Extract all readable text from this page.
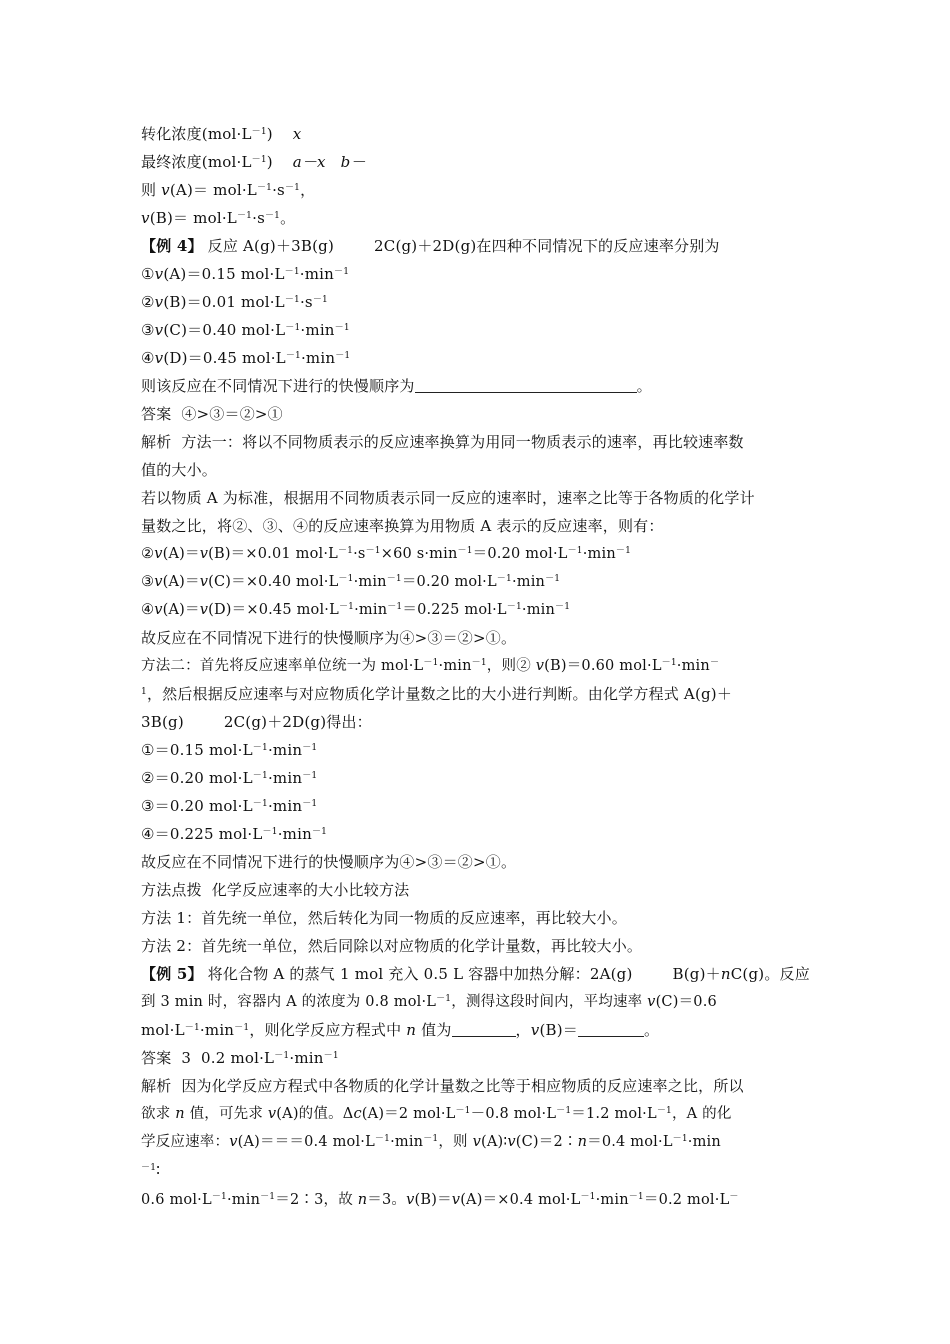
转化浓度$(mol\cdot L^{-1})$    x
最终浓度$(mol\cdot L^{-1})$    a－x b－
则 $v(A)= mol\cdot L^{-1}\cdot s^{-1}$，
$v(B)= mol\cdot L^{-1}\cdot s^{-1}$。
【例 4】 反应 A(g)＋3B(g)	2C(g)＋2D(g)在四种不同情况下的反应速率分别为
①v(A)＝0.15 $mol\cdot L^{-1}\cdot\min^{-1}$
②v(B)＝0.01 $mol\cdot L^{-1}\cdot s^{-1}$
③v(C)＝0.40 $mol\cdot L^{-1}\cdot\min^{-1}$
④v(D)＝0.45 $mol\cdot L^{-1}\cdot\min^{-1}$
则该反应在不同情况下进行的快慢顺序为	。
答案  ④>③＝②>①
解析  方法一：将以不同物质表示的反应速率换算为用同一物质表示的速率，再比较速率数
值的大小。
若以物质 A 为标准，根据用不同物质表示同一反应的速率时，速率之比等于各物质的化学计
量数之比，将②、③、④的反应速率换算为用物质 A 表示的反应速率，则有：
②v(A)＝v(B)＝×0.01 $mol\cdot L^{-1}\cdot s^{-1}\times 60$ $s\cdot\min^{-1}=0.20$ $mol\cdot L^{-1}\cdot\min^{-1}$
③v(A)＝v(C)＝×0.40 $mol\cdot L^{-1}\cdot\min^{-1}=0.20$ $mol\cdot L^{-1}\cdot\min^{-1}$
④v(A)＝v(D)＝×0.45 $mol\cdot L^{-1}\cdot\min^{-1}=0.225$ $mol\cdot L^{-1}\cdot\min^{-1}$
故反应在不同情况下进行的快慢顺序为④>③＝②>①。
方法二：首先将反应速率单位统一为 $mol\cdot L^{-1}\cdot\min^{-1}$，则② v(B)＝0.60 $mol\cdot L^{-1}\cdot\min^-$
$^1$，然后根据反应速率与对应物质化学计量数之比的大小进行判断。由化学方程式 A(g)＋
3B(g)	2C(g)＋2D(g)得出：
①＝0.15 $mol\cdot L^{-1}\cdot\min^{-1}$
②＝0.20 $mol\cdot L^{-1}\cdot\min^{-1}$
③＝0.20 $mol\cdot L^{-1}\cdot\min^{-1}$
④＝0.225 $mol\cdot L^{-1}\cdot\min^{-1}$
故反应在不同情况下进行的快慢顺序为④>③＝②>①。
方法点拨  化学反应速率的大小比较方法
方法 1：首先统一单位，然后转化为同一物质的反应速率，再比较大小。
方法 2：首先统一单位，然后同除以对应物质的化学计量数，再比较大小。
【例 5】 将化合物 A 的蒸气 1 mol 充入 0.5 L 容器中加热分解：2A(g)	B(g)＋nC(g)。反应
到 3 min 时，容器内 A 的浓度为 0.8 $mol\cdot L^{-1}$，测得这段时间内，平均速率 v(C)＝0.6
$mol\cdot L^{-1}\cdot\min^{-1}$，则化学反应方程式中 n 值为	，v(B)＝	。
答案  3  0.2 $mol\cdot L^{-1}\cdot\min^{-1}$
解析  因为化学反应方程式中各物质的化学计量数之比等于相应物质的反应速率之比，所以
欲求 n 值，可先求 v(A)的值。Δc(A)＝2 $mol\cdot L^{-1}-0.8$ $mol\cdot L^{-1}=1.2$ $mol\cdot L^{-1}$，A 的化
学反应速率：v(A)＝＝＝0.4 $mol\cdot L^{-1}\cdot\min^{-1}$，则 v(A)∶v(C)＝2∶n＝0.4 $mol\cdot L^{-1}\cdot\min$
$^{-1}$∶
0.6 $mol\cdot L^{-1}\cdot\min^{-1}=2∶3$，故 n＝3。v(B)＝v(A)＝×0.4 $mol\cdot L^{-1}\cdot\min^{-1}=0.2$ mol·L－
